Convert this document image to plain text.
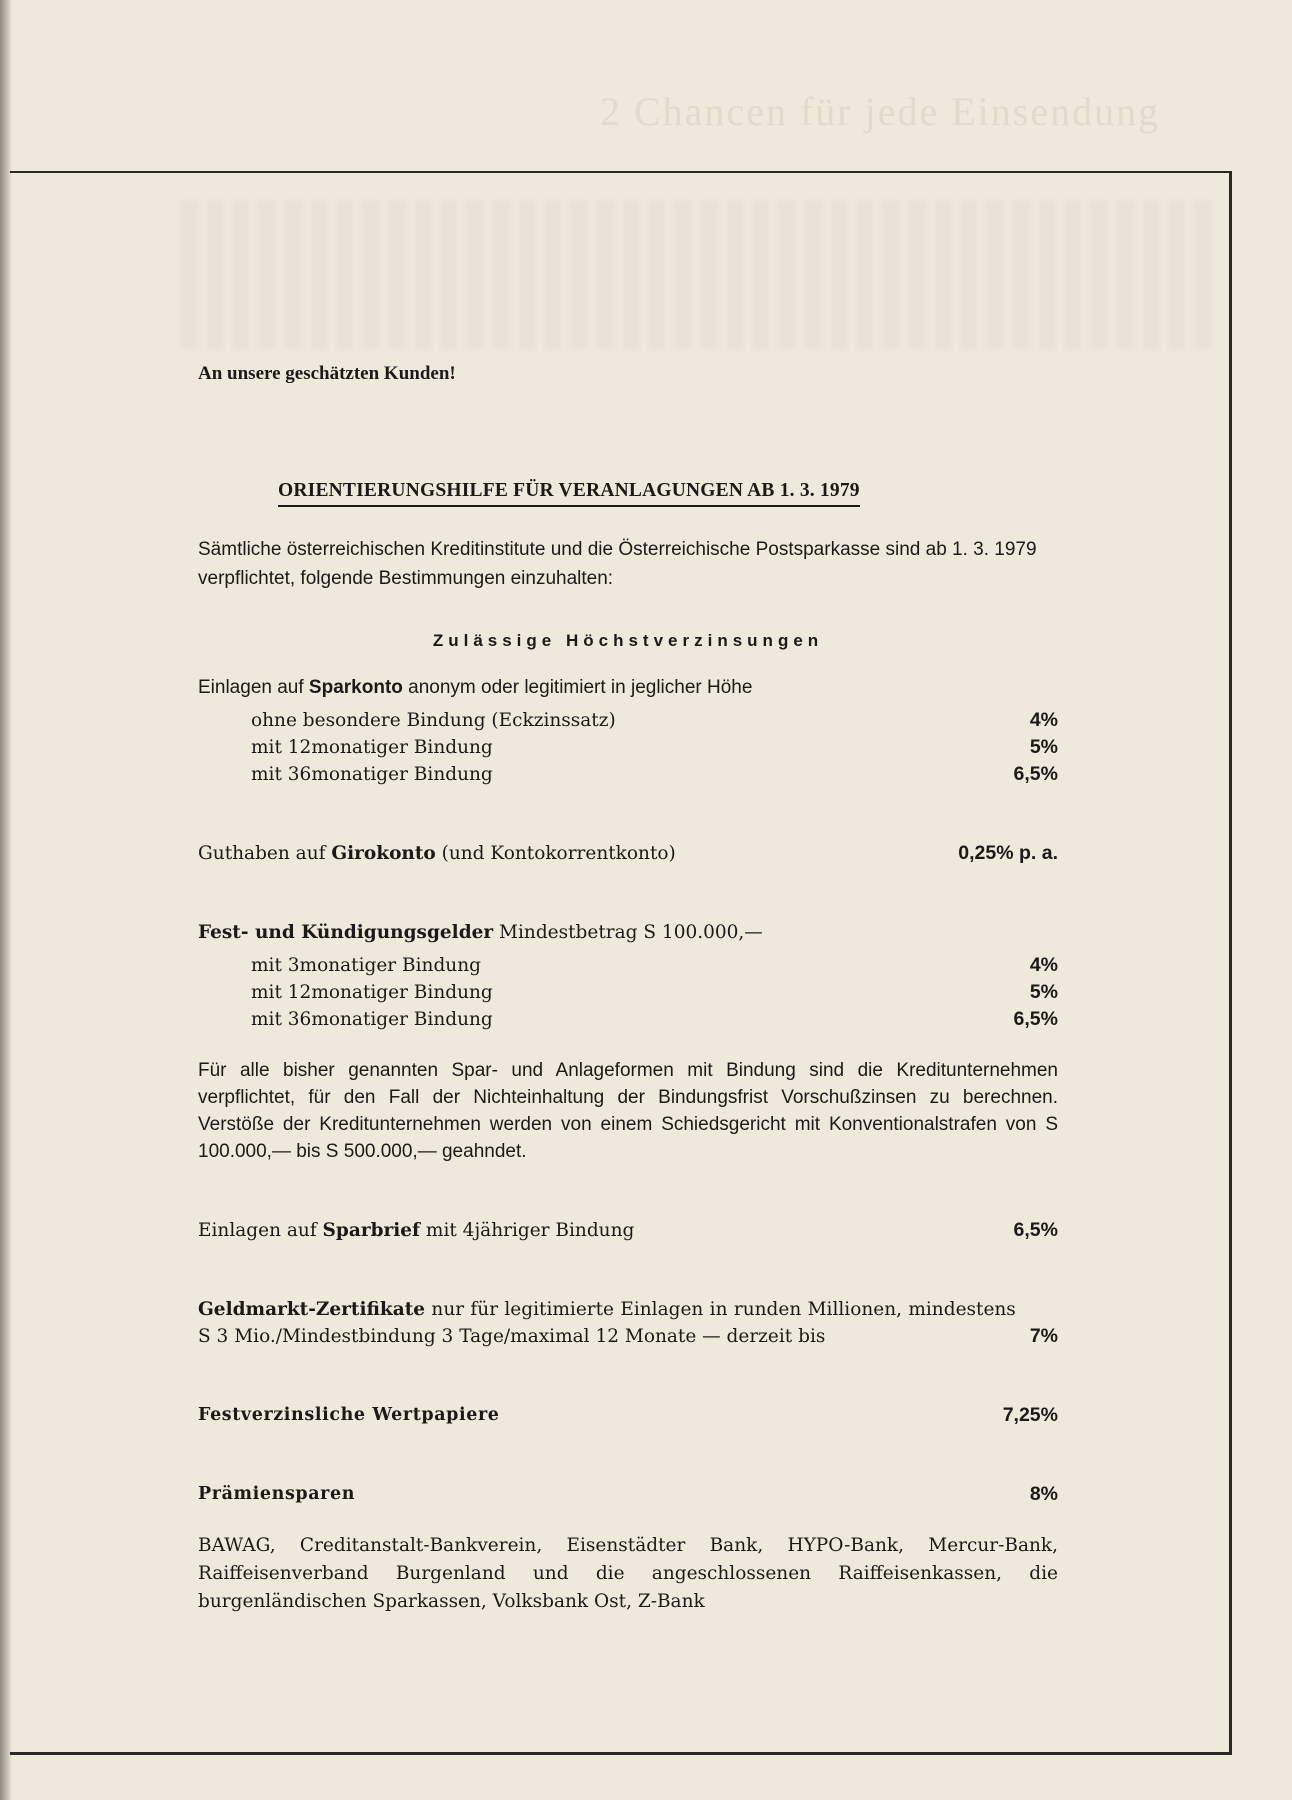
2 Chancen für jede Einsendung
An unsere geschätzten Kunden!
ORIENTIERUNGSHILFE FÜR VERANLAGUNGEN AB 1. 3. 1979
Sämtliche österreichischen Kreditinstitute und die Österreichische Postsparkasse sind ab 1. 3. 1979 verpflichtet, folgende Bestimmungen einzuhalten:
Zulässige Höchstverzinsungen
Einlagen auf Sparkonto anonym oder legitimiert in jeglicher Höhe
ohne besondere Bindung (Eckzinssatz)	4%
mit 12monatiger Bindung	5%
mit 36monatiger Bindung	6,5%
Guthaben auf Girokonto (und Kontokorrentkonto)	0,25% p. a.
Fest- und Kündigungsgelder Mindestbetrag S 100.000,—
mit 3monatiger Bindung	4%
mit 12monatiger Bindung	5%
mit 36monatiger Bindung	6,5%
Für alle bisher genannten Spar- und Anlageformen mit Bindung sind die Kreditunternehmen verpflichtet, für den Fall der Nichteinhaltung der Bindungsfrist Vorschußzinsen zu berechnen. Verstöße der Kreditunternehmen werden von einem Schiedsgericht mit Konventionalstrafen von S 100.000,— bis S 500.000,— geahndet.
Einlagen auf Sparbrief mit 4jähriger Bindung	6,5%
Geldmarkt-Zertifikate nur für legitimierte Einlagen in runden Millionen, mindestens S 3 Mio./Mindestbindung 3 Tage/maximal 12 Monate — derzeit bis	7%
Festverzinsliche Wertpapiere	7,25%
Prämiensparen	8%
BAWAG, Creditanstalt-Bankverein, Eisenstädter Bank, HYPO-Bank, Mercur-Bank, Raiffeisenverband Burgenland und die angeschlossenen Raiffeisenkassen, die burgenländischen Sparkassen, Volksbank Ost, Z-Bank
